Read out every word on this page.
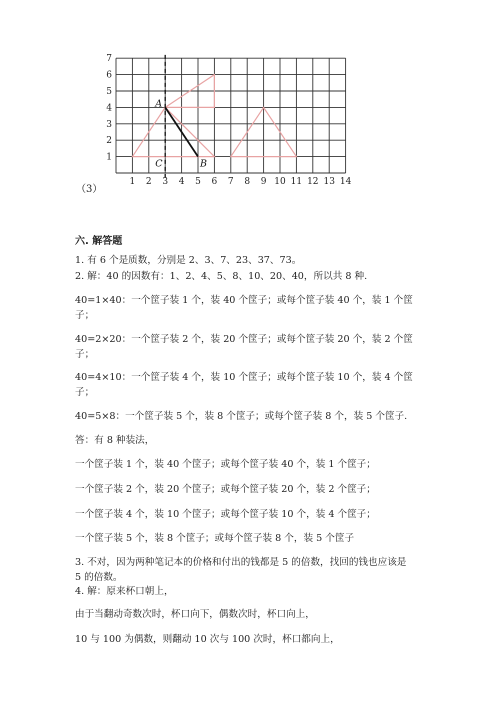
1 2 3 4 5 6 7 8 9 10 11 12 13 14
1
2
3
4
5
6
7
A
B
C
（3）
六. 解答题
1. 有 6 个是质数，分别是 2、3、7、23、37、73。
2. 解：40 的因数有：1、2、4、5、8、10、20、40，所以共 8 种.
40=1×40：一个筐子装 1 个，装 40 个筐子；或每个筐子装 40 个，装 1 个筐
子；
40=2×20：一个筐子装 2 个，装 20 个筐子；或每个筐子装 20 个，装 2 个筐
子；
40=4×10：一个筐子装 4 个，装 10 个筐子；或每个筐子装 10 个，装 4 个筐
子；
40=5×8：一个筐子装 5 个，装 8 个筐子；或每个筐子装 8 个，装 5 个筐子.
答：有 8 种装法，
一个筐子装 1 个，装 40 个筐子；或每个筐子装 40 个，装 1 个筐子；
一个筐子装 2 个，装 20 个筐子；或每个筐子装 20 个，装 2 个筐子；
一个筐子装 4 个，装 10 个筐子；或每个筐子装 10 个，装 4 个筐子；
一个筐子装 5 个，装 8 个筐子；或每个筐子装 8 个，装 5 个筐子
3. 不对，因为两种笔记本的价格和付出的钱都是 5 的倍数，找回的钱也应该是
5 的倍数。
4. 解：原来杯口朝上，
由于当翻动奇数次时，杯口向下，偶数次时，杯口向上，
10 与 100 为偶数，则翻动 10 次与 100 次时，杯口都向上，
